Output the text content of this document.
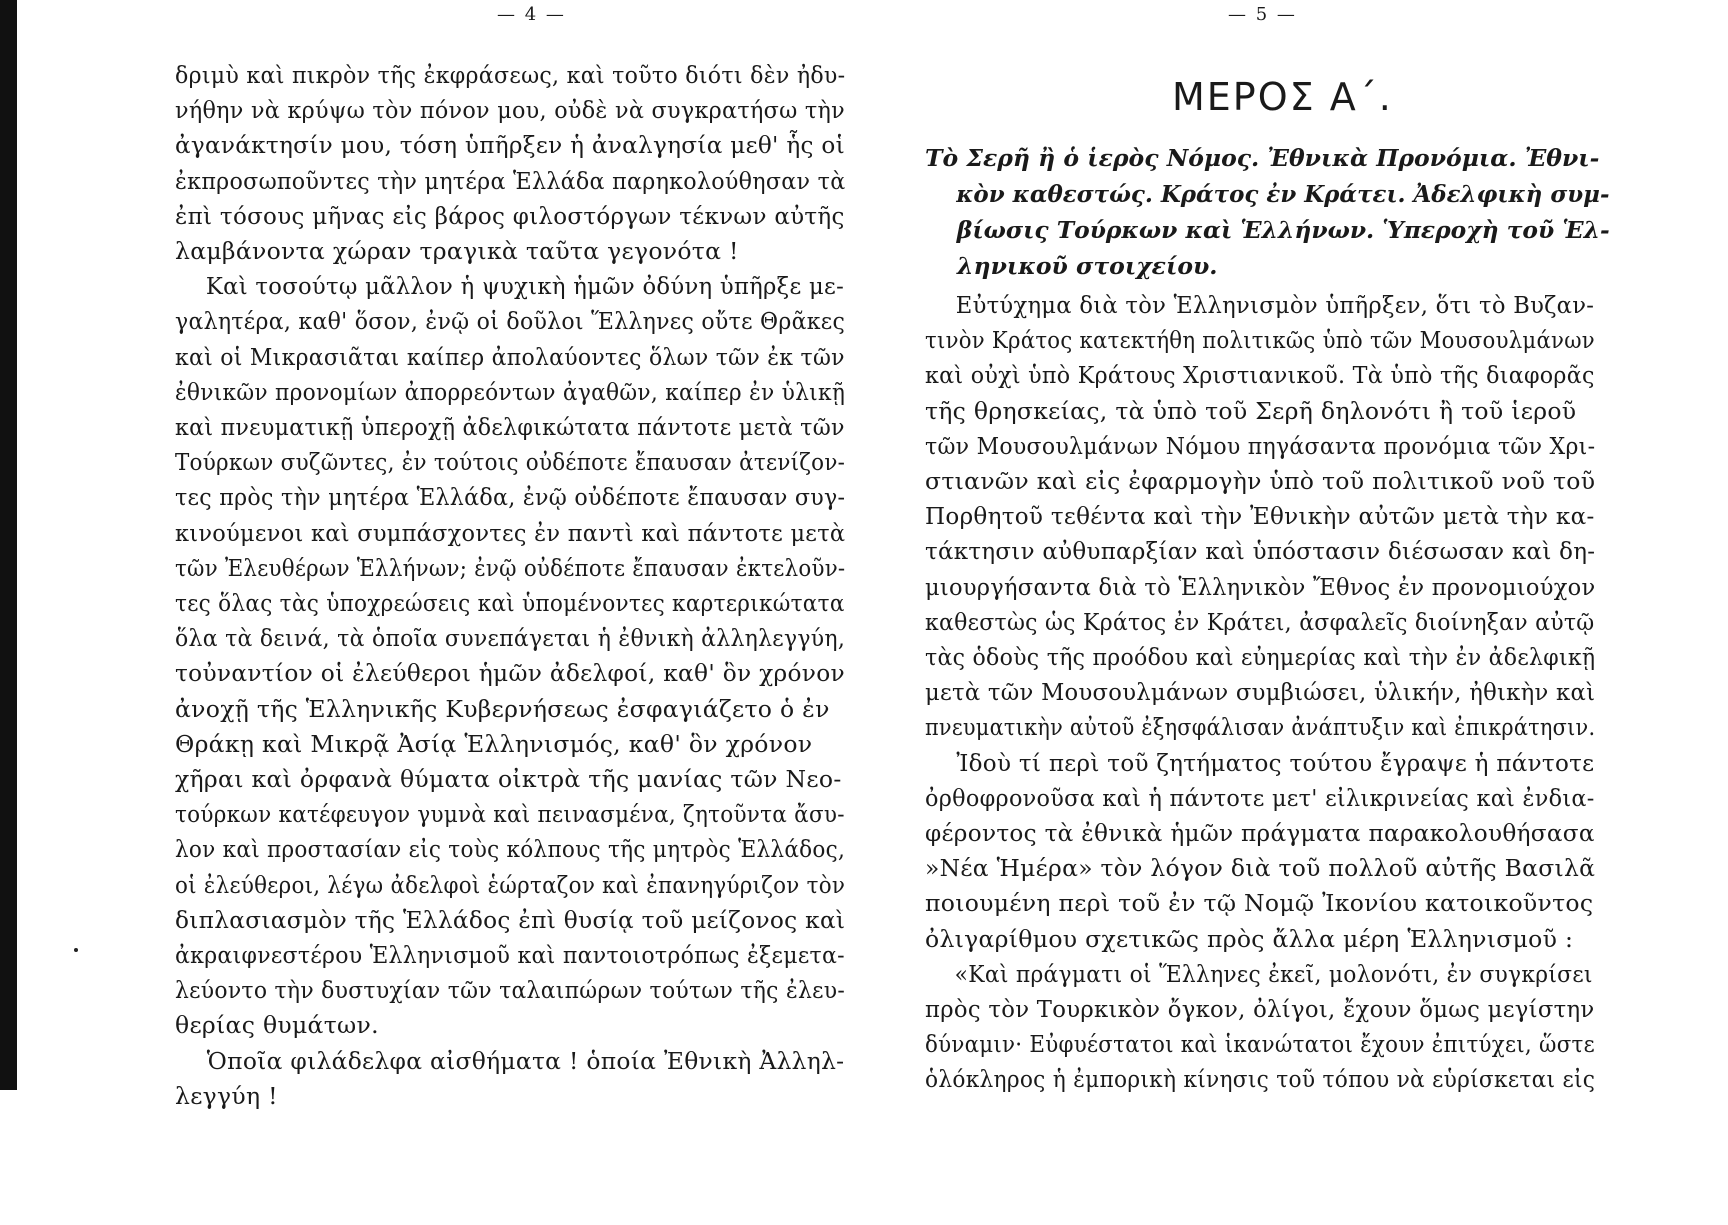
— 4 —
δριμὺ καὶ πικρὸν τῆς ἐκφράσεως, καὶ τοῦτο διότι δὲν ἠδυ-
νήθην νὰ κρύψω τὸν πόνον μου, οὐδὲ νὰ συγκρατήσω τὴν
ἀγανάκτησίν μου, τόση ὑπῆρξεν ἡ ἀναλγησία μεθ' ἧς οἱ
ἐκπροσωποῦντες τὴν μητέρα Ἑλλάδα παρηκολούθησαν τὰ
ἐπὶ τόσους μῆνας εἰς βάρος φιλοστόργων τέκνων αὐτῆς
λαμβάνοντα χώραν τραγικὰ ταῦτα γεγονότα !
Καὶ τοσούτῳ μᾶλλον ἡ ψυχικὴ ἡμῶν ὀδύνη ὑπῆρξε με-
γαλητέρα, καθ' ὅσον, ἐνῷ οἱ δοῦλοι Ἕλληνες οὔτε Θρᾶκες
καὶ οἱ Μικρασιᾶται καίπερ ἀπολαύοντες ὅλων τῶν ἐκ τῶν
ἐθνικῶν προνομίων ἀπορρεόντων ἀγαθῶν, καίπερ ἐν ὑλικῇ
καὶ πνευματικῇ ὑπεροχῇ ἀδελφικώτατα πάντοτε μετὰ τῶν
Τούρκων συζῶντες, ἐν τούτοις οὐδέποτε ἔπαυσαν ἀτενίζον-
τες πρὸς τὴν μητέρα Ἑλλάδα, ἐνῷ οὐδέποτε ἔπαυσαν συγ-
κινούμενοι καὶ συμπάσχοντες ἐν παντὶ καὶ πάντοτε μετὰ
τῶν Ἐλευθέρων Ἑλλήνων; ἐνῷ οὐδέποτε ἔπαυσαν ἐκτελοῦν-
τες ὅλας τὰς ὑποχρεώσεις καὶ ὑπομένοντες καρτερικώτατα
ὅλα τὰ δεινά, τὰ ὁποῖα συνεπάγεται ἡ ἐθνικὴ ἀλληλεγγύη,
τοὐναντίον οἱ ἐλεύθεροι ἡμῶν ἀδελφοί, καθ' ὃν χρόνον
ἀνοχῇ τῆς Ἑλληνικῆς Κυβερνήσεως ἐσφαγιάζετο ὁ ἐν
Θράκῃ καὶ Μικρᾷ Ἀσίᾳ Ἑλληνισμός, καθ' ὃν χρόνον
χῆραι καὶ ὀρφανὰ θύματα οἰκτρὰ τῆς μανίας τῶν Νεο-
τούρκων κατέφευγον γυμνὰ καὶ πεινασμένα, ζητοῦντα ἄσυ-
λον καὶ προστασίαν εἰς τοὺς κόλπους τῆς μητρὸς Ἑλλάδος,
οἱ ἐλεύθεροι, λέγω ἀδελφοὶ ἑώρταζον καὶ ἐπανηγύριζον τὸν
διπλασιασμὸν τῆς Ἑλλάδος ἐπὶ θυσίᾳ τοῦ μείζονος καὶ
ἀκραιφνεστέρου Ἑλληνισμοῦ καὶ παντοιοτρόπως ἐξεμετα-
λεύοντο τὴν δυστυχίαν τῶν ταλαιπώρων τούτων τῆς ἐλευ-
θερίας θυμάτων.
Ὁποῖα φιλάδελφα αἰσθήματα ! ὁποία Ἐθνικὴ Ἀλληλ-
λεγγύη !
— 5 —
ΜΕΡΟΣ Α΄.
Τὸ Σερῆ ἢ ὁ ἱερὸς Νόμος. Ἐθνικὰ Προνόμια. Ἐθνι-
κὸν καθεστώς. Κράτος ἐν Κράτει. Ἀδελφικὴ συμ-
βίωσις Τούρκων καὶ Ἑλλήνων. Ὑπεροχὴ τοῦ Ἑλ-
ληνικοῦ στοιχείου.
Εὐτύχημα διὰ τὸν Ἑλληνισμὸν ὑπῆρξεν, ὅτι τὸ Βυζαν-
τινὸν Κράτος κατεκτήθη πολιτικῶς ὑπὸ τῶν Μουσουλμάνων
καὶ οὐχὶ ὑπὸ Κράτους Χριστιανικοῦ. Τὰ ὑπὸ τῆς διαφορᾶς
τῆς θρησκείας, τὰ ὑπὸ τοῦ Σερῆ δηλονότι ἢ τοῦ ἱεροῦ
τῶν Μουσουλμάνων Νόμου πηγάσαντα προνόμια τῶν Χρι-
στιανῶν καὶ εἰς ἐφαρμογὴν ὑπὸ τοῦ πολιτικοῦ νοῦ τοῦ
Πορθητοῦ τεθέντα καὶ τὴν Ἐθνικὴν αὐτῶν μετὰ τὴν κα-
τάκτησιν αὐθυπαρξίαν καὶ ὑπόστασιν διέσωσαν καὶ δη-
μιουργήσαντα διὰ τὸ Ἑλληνικὸν Ἔθνος ἐν προνομιούχον
καθεστὼς ὡς Κράτος ἐν Κράτει, ἀσφαλεῖς διοίνηξαν αὐτῷ
τὰς ὁδοὺς τῆς προόδου καὶ εὐημερίας καὶ τὴν ἐν ἀδελφικῇ
μετὰ τῶν Μουσουλμάνων συμβιώσει, ὑλικήν, ἠθικὴν καὶ
πνευματικὴν αὐτοῦ ἐξησφάλισαν ἀνάπτυξιν καὶ ἐπικράτησιν.
Ἰδοὺ τί περὶ τοῦ ζητήματος τούτου ἔγραψε ἡ πάντοτε
ὀρθοφρονοῦσα καὶ ἡ πάντοτε μετ' εἰλικρινείας καὶ ἐνδια-
φέροντος τὰ ἐθνικὰ ἡμῶν πράγματα παρακολουθήσασα
»Νέα Ἡμέρα» τὸν λόγον διὰ τοῦ πολλοῦ αὐτῆς Βασιλᾶ
ποιουμένη περὶ τοῦ ἐν τῷ Νομῷ Ἰκονίου κατοικοῦντος
ὀλιγαρίθμου σχετικῶς πρὸς ἄλλα μέρη Ἑλληνισμοῦ :
«Καὶ πράγματι οἱ Ἕλληνες ἐκεῖ, μολονότι, ἐν συγκρίσει
πρὸς τὸν Τουρκικὸν ὄγκον, ὀλίγοι, ἔχουν ὅμως μεγίστην
δύναμιν· Εὐφυέστατοι καὶ ἱκανώτατοι ἔχουν ἐπιτύχει, ὥστε
ὁλόκληρος ἡ ἐμπορικὴ κίνησις τοῦ τόπου νὰ εὑρίσκεται εἰς
